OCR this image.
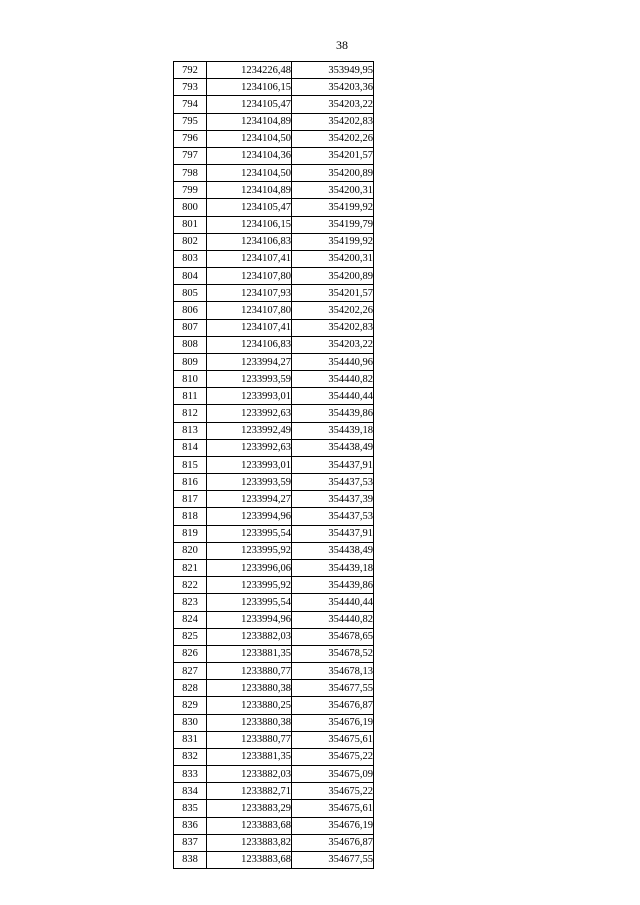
38
792	1234226,48	353949,95
793	1234106,15	354203,36
794	1234105,47	354203,22
795	1234104,89	354202,83
796	1234104,50	354202,26
797	1234104,36	354201,57
798	1234104,50	354200,89
799	1234104,89	354200,31
800	1234105,47	354199,92
801	1234106,15	354199,79
802	1234106,83	354199,92
803	1234107,41	354200,31
804	1234107,80	354200,89
805	1234107,93	354201,57
806	1234107,80	354202,26
807	1234107,41	354202,83
808	1234106,83	354203,22
809	1233994,27	354440,96
810	1233993,59	354440,82
811	1233993,01	354440,44
812	1233992,63	354439,86
813	1233992,49	354439,18
814	1233992,63	354438,49
815	1233993,01	354437,91
816	1233993,59	354437,53
817	1233994,27	354437,39
818	1233994,96	354437,53
819	1233995,54	354437,91
820	1233995,92	354438,49
821	1233996,06	354439,18
822	1233995,92	354439,86
823	1233995,54	354440,44
824	1233994,96	354440,82
825	1233882,03	354678,65
826	1233881,35	354678,52
827	1233880,77	354678,13
828	1233880,38	354677,55
829	1233880,25	354676,87
830	1233880,38	354676,19
831	1233880,77	354675,61
832	1233881,35	354675,22
833	1233882,03	354675,09
834	1233882,71	354675,22
835	1233883,29	354675,61
836	1233883,68	354676,19
837	1233883,82	354676,87
838	1233883,68	354677,55
